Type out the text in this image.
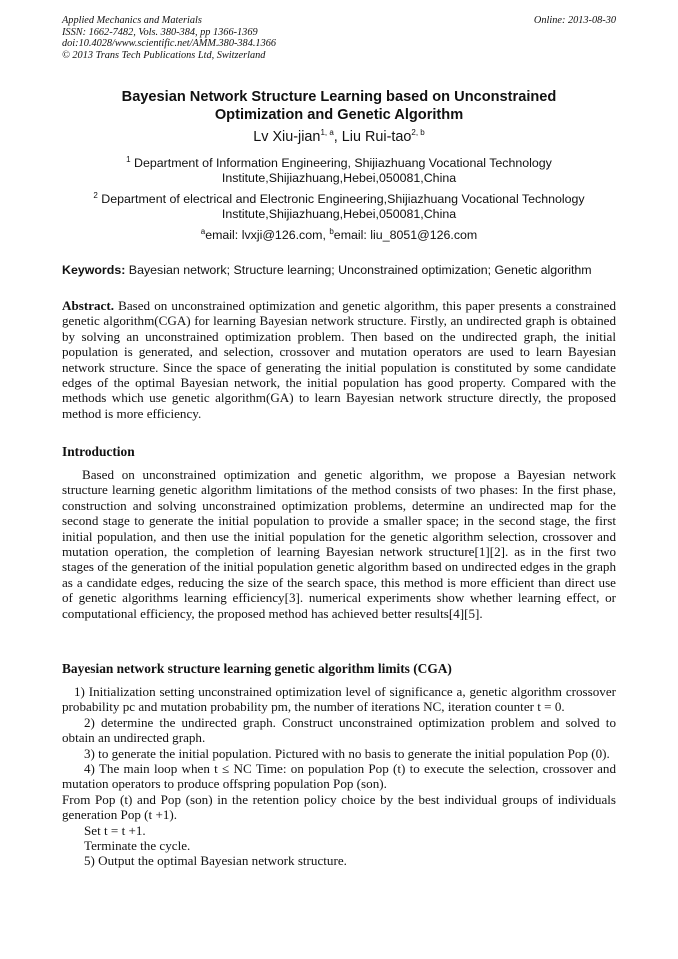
Applied Mechanics and Materials
ISSN: 1662-7482, Vols. 380-384, pp 1366-1369
doi:10.4028/www.scientific.net/AMM.380-384.1366
© 2013 Trans Tech Publications Ltd, Switzerland
Online: 2013-08-30
Bayesian Network Structure Learning based on Unconstrained
Optimization and Genetic Algorithm
Lv Xiu-jian$^{1, a}$, Liu Rui-tao$^{2, b}$
$^1$ Department of Information Engineering, Shijiazhuang Vocational Technology
Institute,Shijiazhuang,Hebei,050081,China
$^2$ Department of electrical and Electronic Engineering,Shijiazhuang Vocational Technology
Institute,Shijiazhuang,Hebei,050081,China
$^a$email: lvxji@126.com, $^b$email: liu_8051@126.com
Keywords: Bayesian network; Structure learning; Unconstrained optimization; Genetic algorithm

Abstract. Based on unconstrained optimization and genetic algorithm, this paper presents a constrained genetic algorithm(CGA) for learning Bayesian network structure. Firstly, an undirected graph is obtained by solving an unconstrained optimization problem. Then based on the undirected graph, the initial population is generated, and selection, crossover and mutation operators are used to learn Bayesian network structure. Since the space of generating the initial population is constituted by some candidate edges of the optimal Bayesian network, the initial population has good property. Compared with the methods which use genetic algorithm(GA) to learn Bayesian network structure directly, the proposed method is more efficiency.

Introduction

Based on unconstrained optimization and genetic algorithm, we propose a Bayesian network structure learning genetic algorithm limitations of the method consists of two phases: In the first phase, construction and solving unconstrained optimization problems, determine an undirected map for the second stage to generate the initial population to provide a smaller space; in the second stage, the first initial population, and then use the initial population for the genetic algorithm selection, crossover and mutation operation, the completion of learning Bayesian network structure[1][2]. as in the first two stages of the generation of the initial population genetic algorithm based on undirected edges in the graph as a candidate edges, reducing the size of the search space, this method is more efficient than direct use of genetic algorithms learning efficiency[3]. numerical experiments show whether learning effect, or computational efficiency, the proposed method has achieved better results[4][5].

Bayesian network structure learning genetic algorithm limits (CGA)

1) Initialization setting unconstrained optimization level of significance a, genetic algorithm crossover probability pc and mutation probability pm, the number of iterations NC, iteration counter t = 0.

2) determine the undirected graph. Construct unconstrained optimization problem and solved to obtain an undirected graph.

3) to generate the initial population. Pictured with no basis to generate the initial population Pop (0).

4) The main loop when t ≤ NC Time: on population Pop (t) to execute the selection, crossover and mutation operators to produce offspring population Pop (son).

From Pop (t) and Pop (son) in the retention policy choice by the best individual groups of individuals generation Pop (t +1).

Set t = t +1.

Terminate the cycle.

5) Output the optimal Bayesian network structure.
